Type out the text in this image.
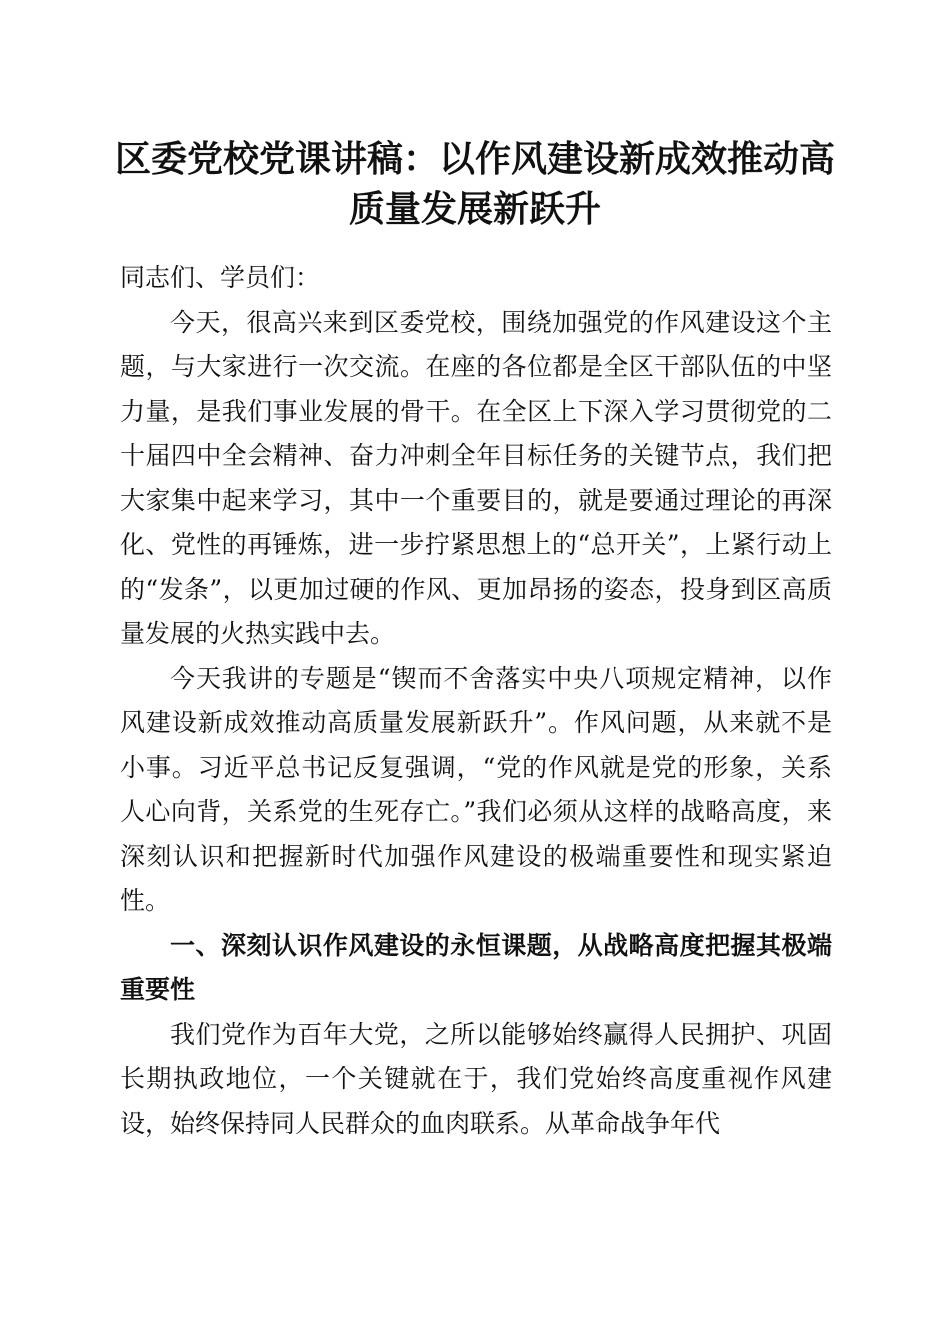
区委党校党课讲稿：以作风建设新成效推动高质量发展新跃升

同志们、学员们：

今天，很高兴来到区委党校，围绕加强党的作风建设这个主题，与大家进行一次交流。在座的各位都是全区干部队伍的中坚力量，是我们事业发展的骨干。在全区上下深入学习贯彻党的二十届四中全会精神、奋力冲刺全年目标任务的关键节点，我们把大家集中起来学习，其中一个重要目的，就是要通过理论的再深化、党性的再锤炼，进一步拧紧思想上的“总开关”，上紧行动上的“发条”，以更加过硬的作风、更加昂扬的姿态，投身到区高质量发展的火热实践中去。

今天我讲的专题是“锲而不舍落实中央八项规定精神，以作风建设新成效推动高质量发展新跃升”。作风问题，从来就不是小事。习近平总书记反复强调，“党的作风就是党的形象，关系人心向背，关系党的生死存亡。”我们必须从这样的战略高度，来深刻认识和把握新时代加强作风建设的极端重要性和现实紧迫性。

一、深刻认识作风建设的永恒课题，从战略高度把握其极端重要性

我们党作为百年大党，之所以能够始终赢得人民拥护、巩固长期执政地位，一个关键就在于，我们党始终高度重视作风建设，始终保持同人民群众的血肉联系。从革命战争年代
